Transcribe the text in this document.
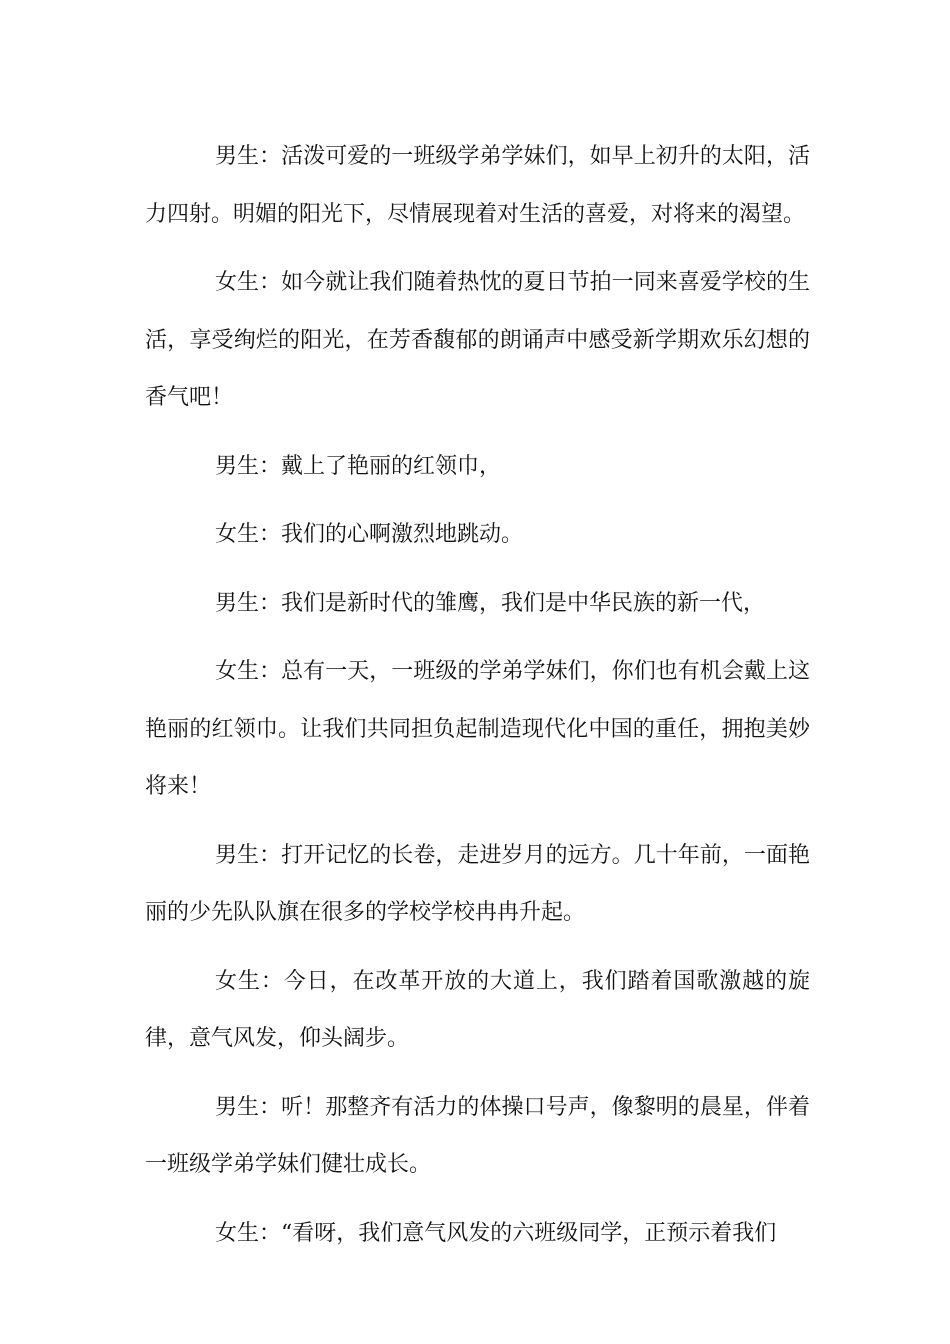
男生：活泼可爱的一班级学弟学妹们，如早上初升的太阳，活力四射。明媚的阳光下，尽情展现着对生活的喜爱，对将来的渴望。

女生：如今就让我们随着热忱的夏日节拍一同来喜爱学校的生活，享受绚烂的阳光，在芳香馥郁的朗诵声中感受新学期欢乐幻想的香气吧！

男生：戴上了艳丽的红领巾，

女生：我们的心啊激烈地跳动。

男生：我们是新时代的雏鹰，我们是中华民族的新一代，

女生：总有一天，一班级的学弟学妹们，你们也有机会戴上这艳丽的红领巾。让我们共同担负起制造现代化中国的重任，拥抱美妙将来！

男生：打开记忆的长卷，走进岁月的远方。几十年前，一面艳丽的少先队队旗在很多的学校学校冉冉升起。

女生：今日，在改革开放的大道上，我们踏着国歌激越的旋律，意气风发，仰头阔步。

男生：听！那整齐有活力的体操口号声，像黎明的晨星，伴着一班级学弟学妹们健壮成长。

女生：“看呀，我们意气风发的六班级同学，正预示着我们
